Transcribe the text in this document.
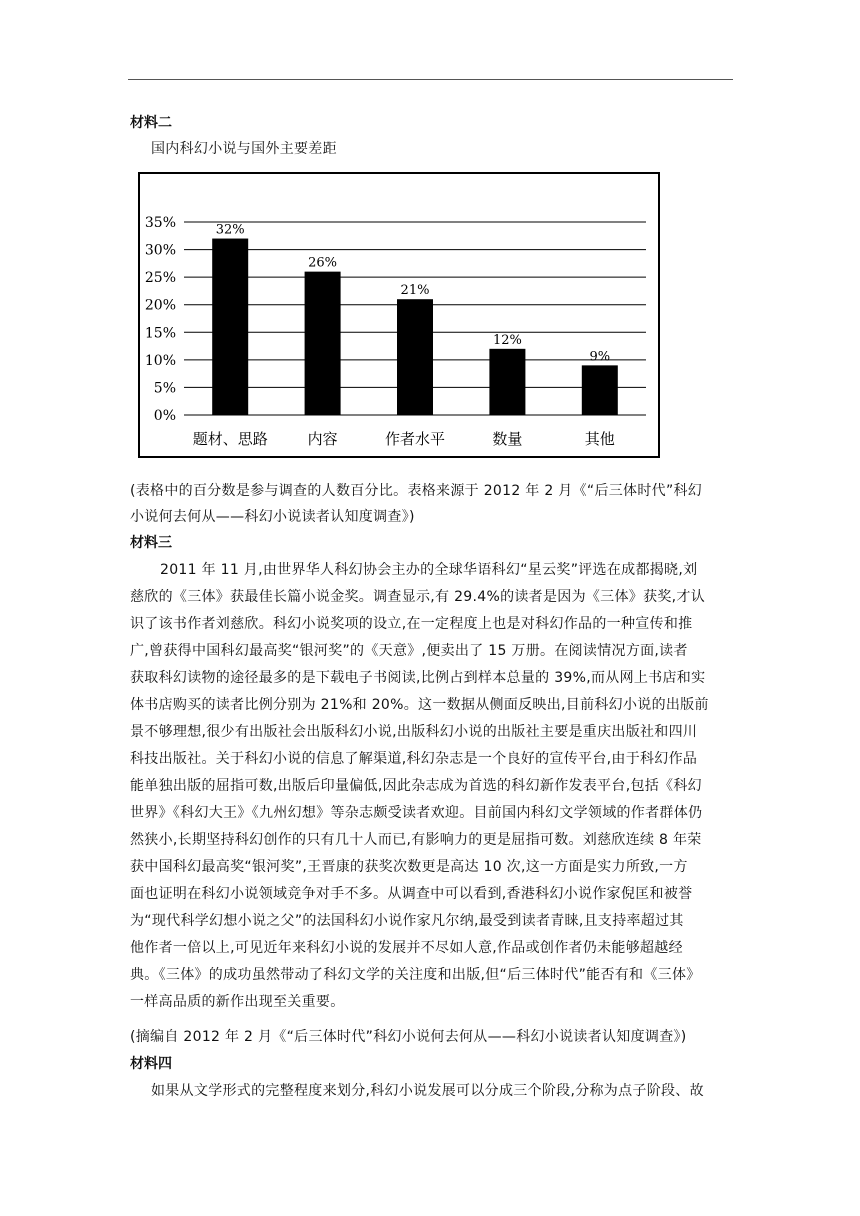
材料二
国内科幻小说与国外主要差距
0%
5%
10%
15%
20%
25%
30%
35%	32%
26%
21%
12%
9%
题材、思路	内容	作者水平	数量	其他
(表格中的百分数是参与调查的人数百分比。表格来源于 2012 年 2 月《“后三体时代”科幻
小说何去何从——科幻小说读者认知度调查》)
材料三
2011 年 11 月,由世界华人科幻协会主办的全球华语科幻“星云奖”评选在成都揭晓,刘
慈欣的《三体》获最佳长篇小说金奖。调查显示,有 29.4%的读者是因为《三体》获奖,才认
识了该书作者刘慈欣。科幻小说奖项的设立,在一定程度上也是对科幻作品的一种宣传和推
广,曾获得中国科幻最高奖“银河奖”的《天意》,便卖出了 15 万册。在阅读情况方面,读者
获取科幻读物的途径最多的是下载电子书阅读,比例占到样本总量的 39%,而从网上书店和实
体书店购买的读者比例分别为 21%和 20%。这一数据从侧面反映出,目前科幻小说的出版前
景不够理想,很少有出版社会出版科幻小说,出版科幻小说的出版社主要是重庆出版社和四川
科技出版社。关于科幻小说的信息了解渠道,科幻杂志是一个良好的宣传平台,由于科幻作品
能单独出版的屈指可数,出版后印量偏低,因此杂志成为首选的科幻新作发表平台,包括《科幻
世界》《科幻大王》《九州幻想》等杂志颇受读者欢迎。目前国内科幻文学领域的作者群体仍
然狭小,长期坚持科幻创作的只有几十人而已,有影响力的更是屈指可数。刘慈欣连续 8 年荣
获中国科幻最高奖“银河奖”,王晋康的获奖次数更是高达 10 次,这一方面是实力所致,一方
面也证明在科幻小说领域竞争对手不多。从调查中可以看到,香港科幻小说作家倪匡和被誉
为“现代科学幻想小说之父”的法国科幻小说作家凡尔纳,最受到读者青睐,且支持率超过其
他作者一倍以上,可见近年来科幻小说的发展并不尽如人意,作品或创作者仍未能够超越经
典。《三体》的成功虽然带动了科幻文学的关注度和出版,但“后三体时代”能否有和《三体》
一样高品质的新作出现至关重要。
(摘编自 2012 年 2 月《“后三体时代”科幻小说何去何从——科幻小说读者认知度调查》)
材料四
如果从文学形式的完整程度来划分,科幻小说发展可以分成三个阶段,分称为点子阶段、故
